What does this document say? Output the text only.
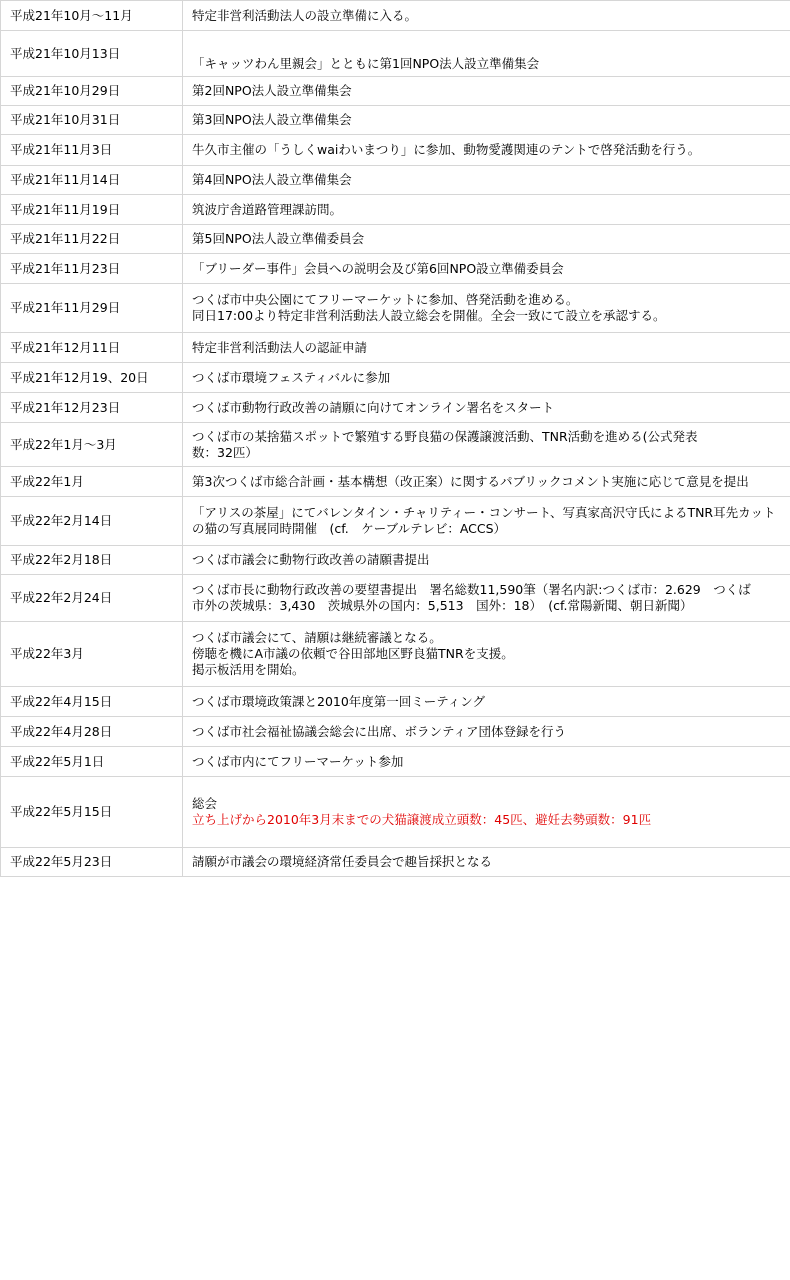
平成21年10月～11月	特定非営利活動法人の設立準備に入る。
平成21年10月13日	「キャッツわん里親会」とともに第1回NPO法人設立準備集会
平成21年10月29日	第2回NPO法人設立準備集会
平成21年10月31日	第3回NPO法人設立準備集会
平成21年11月3日	牛久市主催の「うしくwaiわいまつり」に参加、動物愛護関連のテントで啓発活動を行う。
平成21年11月14日	第4回NPO法人設立準備集会
平成21年11月19日	筑波庁舎道路管理課訪問。
平成21年11月22日	第5回NPO法人設立準備委員会
平成21年11月23日	「ブリーダー事件」会員への説明会及び第6回NPO設立準備委員会
平成21年11月29日	つくば市中央公園にてフリーマーケットに参加、啓発活動を進める。
同日17:00より特定非営利活動法人設立総会を開催。全会一致にて設立を承認する。
平成21年12月11日	特定非営利活動法人の認証申請
平成21年12月19、20日	つくば市環境フェスティバルに参加
平成21年12月23日	つくば市動物行政改善の請願に向けてオンライン署名をスタート
平成22年1月～3月	つくば市の某捨猫スポットで繁殖する野良猫の保護譲渡活動、TNR活動を進める(公式発表
数：32匹）
平成22年1月	第3次つくば市総合計画・基本構想（改正案）に関するパブリックコメント実施に応じて意見を提出
平成22年2月14日	「アリスの茶屋」にてバレンタイン・チャリティー・コンサート、写真家高沢守氏によるTNR耳先カット
の猫の写真展同時開催　(cf.　ケーブルテレビ：ACCS）
平成22年2月18日	つくば市議会に動物行政改善の請願書提出
平成22年2月24日	つくば市長に動物行政改善の要望書提出　署名総数11,590筆（署名内訳:つくば市：2.629　つくば
市外の茨城県：3,430　茨城県外の国内：5,513　国外：18）　(cf.常陽新聞、朝日新聞）
平成22年3月	つくば市議会にて、請願は継続審議となる。
傍聴を機にA市議の依頼で谷田部地区野良猫TNRを支援。
掲示板活用を開始。
平成22年4月15日	つくば市環境政策課と2010年度第一回ミーティング
平成22年4月28日	つくば市社会福祉協議会総会に出席、ボランティア団体登録を行う
平成22年5月1日	つくば市内にてフリーマーケット参加
平成22年5月15日	総会

立ち上げから2010年3月末までの犬猫譲渡成立頭数：45匹、避妊去勢頭数：91匹

平成22年5月23日	請願が市議会の環境経済常任委員会で趣旨採択となる
